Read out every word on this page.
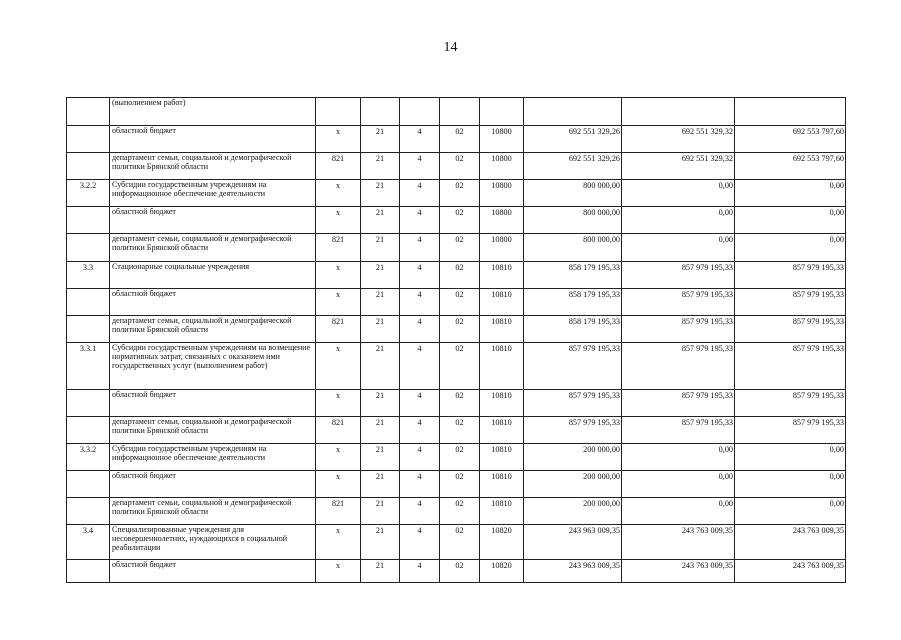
14
	(выполнением работ)								
	областной бюджет	x	21	4	02	10800	692 551 329,26	692 551 329,32	692 553 797,60
	департамент семьи, социальной и демографической политики Брянской области	821	21	4	02	10800	692 551 329,26	692 551 329,32	692 553 797,60
3.2.2	Субсидии государственным учреждениям на информационное обеспечение деятельности	x	21	4	02	10800	800 000,00	0,00	0,00
	областной бюджет	x	21	4	02	10800	800 000,00	0,00	0,00
	департамент семьи, социальной и демографической политики Брянской области	821	21	4	02	10800	800 000,00	0,00	0,00
3.3	Стационарные социальные учреждения	x	21	4	02	10810	858 179 195,33	857 979 195,33	857 979 195,33
	областной бюджет	x	21	4	02	10810	858 179 195,33	857 979 195,33	857 979 195,33
	департамент семьи, социальной и демографической политики Брянской области	821	21	4	02	10810	858 179 195,33	857 979 195,33	857 979 195,33
3.3.1	Субсидии государственным учреждениям на возмещение нормативных затрат, связанных с оказанием ими государственных услуг (выполнением работ)	x	21	4	02	10810	857 979 195,33	857 979 195,33	857 979 195,33
	областной бюджет	x	21	4	02	10810	857 979 195,33	857 979 195,33	857 979 195,33
	департамент семьи, социальной и демографической политики Брянской области	821	21	4	02	10810	857 979 195,33	857 979 195,33	857 979 195,33
3.3.2	Субсидии государственным учреждениям на информационное обеспечение деятельности	x	21	4	02	10810	200 000,00	0,00	0,00
	областной бюджет	x	21	4	02	10810	200 000,00	0,00	0,00
	департамент семьи, социальной и демографической политики Брянской области	821	21	4	02	10810	200 000,00	0,00	0,00
3.4	Специализированные учреждения для несовершеннолетних, нуждающихся в социальной реабилитации	x	21	4	02	10820	243 963 009,35	243 763 009,35	243 763 009,35
	областной бюджет	x	21	4	02	10820	243 963 009,35	243 763 009,35	243 763 009,35
